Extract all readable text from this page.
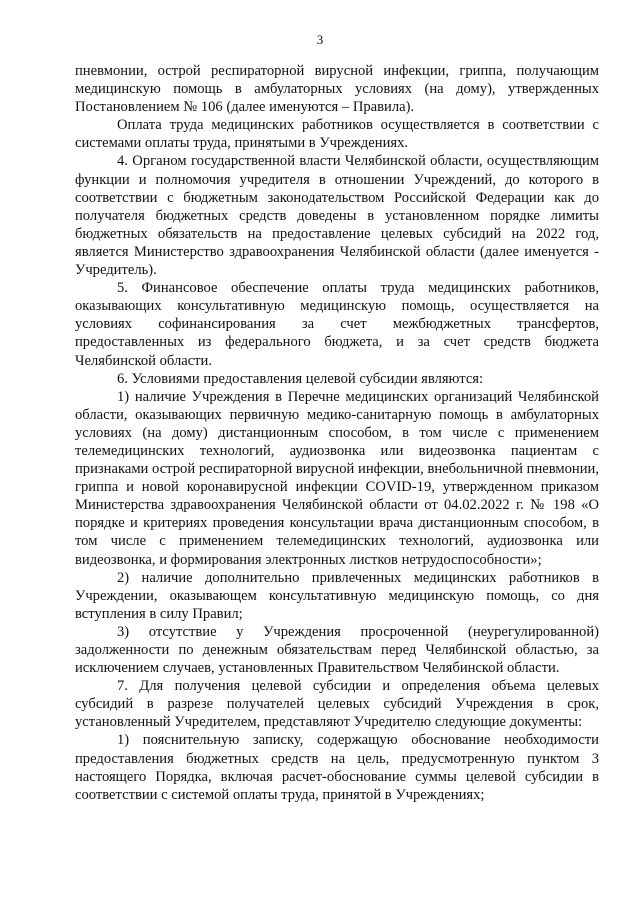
3

пневмонии, острой респираторной вирусной инфекции, гриппа, получающим медицинскую помощь в амбулаторных условиях (на дому), утвержденных Постановлением № 106 (далее именуются – Правила).

Оплата труда медицинских работников осуществляется в соответствии с системами оплаты труда, принятыми в Учреждениях.

4. Органом государственной власти Челябинской области, осуществляющим функции и полномочия учредителя в отношении Учреждений, до которого в соответствии с бюджетным законодательством Российской Федерации как до получателя бюджетных средств доведены в установленном порядке лимиты бюджетных обязательств на предоставление целевых субсидий на 2022 год, является Министерство здравоохранения Челябинской области (далее именуется - Учредитель).

5. Финансовое обеспечение оплаты труда медицинских работников, оказывающих консультативную медицинскую помощь, осуществляется на условиях софинансирования за счет межбюджетных трансфертов, предоставленных из федерального бюджета, и за счет средств бюджета Челябинской области.

6. Условиями предоставления целевой субсидии являются:

1) наличие Учреждения в Перечне медицинских организаций Челябинской области, оказывающих первичную медико-санитарную помощь в амбулаторных условиях (на дому) дистанционным способом, в том числе с применением телемедицинских технологий, аудиозвонка или видеозвонка пациентам с признаками острой респираторной вирусной инфекции, внебольничной пневмонии, гриппа и новой коронавирусной инфекции COVID-19, утвержденном приказом Министерства здравоохранения Челябинской области от 04.02.2022 г. № 198 «О порядке и критериях проведения консультации врача дистанционным способом, в том числе с применением телемедицинских технологий, аудиозвонка или видеозвонка, и формирования электронных листков нетрудоспособности»;

2) наличие дополнительно привлеченных медицинских работников в Учреждении, оказывающем консультативную медицинскую помощь, со дня вступления в силу Правил;

3) отсутствие у Учреждения просроченной (неурегулированной) задолженности по денежным обязательствам перед Челябинской областью, за исключением случаев, установленных Правительством Челябинской области.

7. Для получения целевой субсидии и определения объема целевых субсидий в разрезе получателей целевых субсидий Учреждения в срок, установленный Учредителем, представляют Учредителю следующие документы:

1) пояснительную записку, содержащую обоснование необходимости предоставления бюджетных средств на цель, предусмотренную пунктом 3 настоящего Порядка, включая расчет-обоснование суммы целевой субсидии в соответствии с системой оплаты труда, принятой в Учреждениях;
